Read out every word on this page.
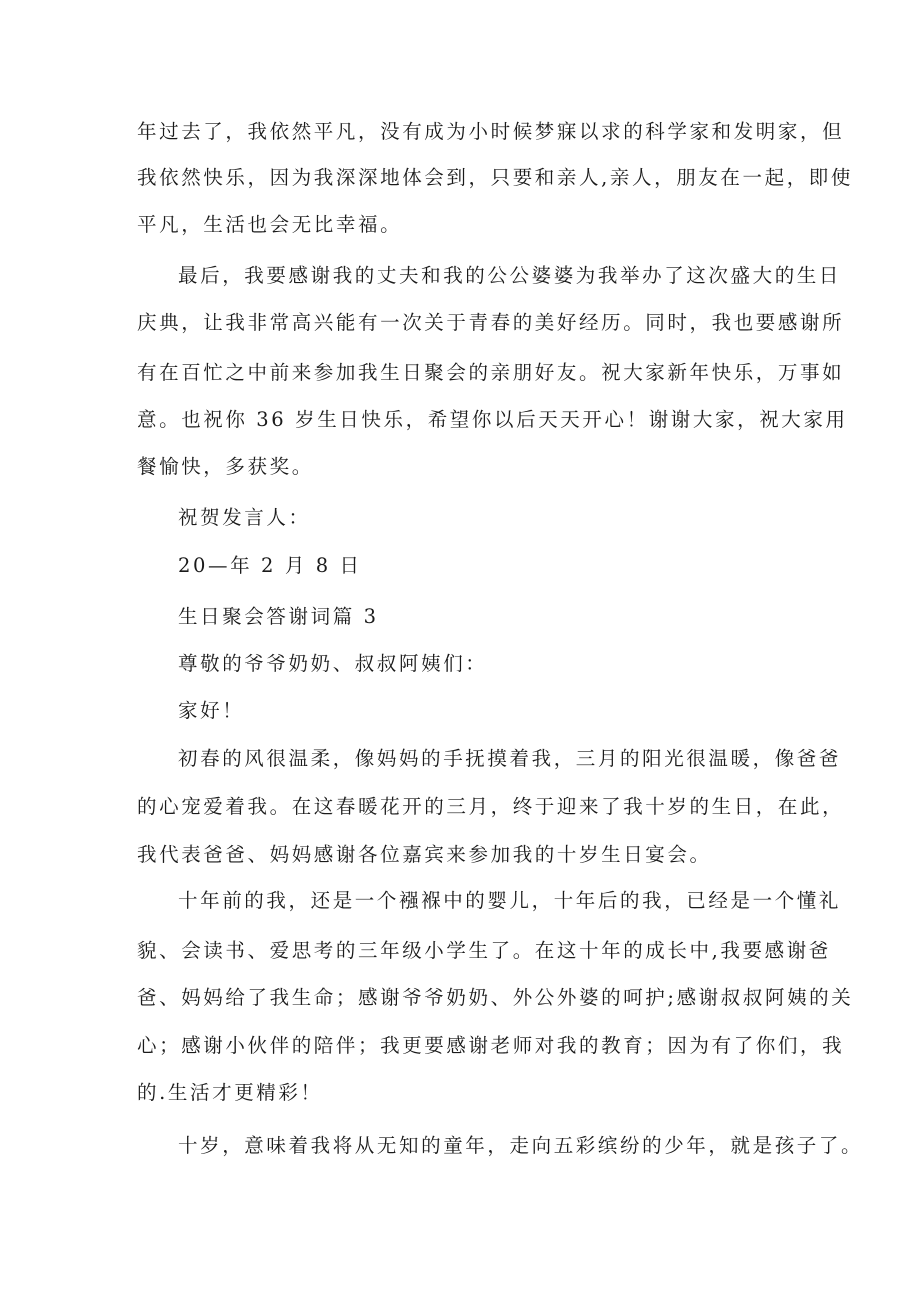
年过去了，我依然平凡，没有成为小时候梦寐以求的科学家和发明家，但
我依然快乐，因为我深深地体会到，只要和亲人,亲人，朋友在一起，即使
平凡，生活也会无比幸福。
最后，我要感谢我的丈夫和我的公公婆婆为我举办了这次盛大的生日
庆典，让我非常高兴能有一次关于青春的美好经历。同时，我也要感谢所
有在百忙之中前来参加我生日聚会的亲朋好友。祝大家新年快乐，万事如
意。也祝你 36 岁生日快乐，希望你以后天天开心！谢谢大家，祝大家用
餐愉快，多获奖。
祝贺发言人：
20—年 2 月 8 日
生日聚会答谢词篇 3
尊敬的爷爷奶奶、叔叔阿姨们：
家好！
初春的风很温柔，像妈妈的手抚摸着我，三月的阳光很温暖，像爸爸
的心宠爱着我。在这春暖花开的三月，终于迎来了我十岁的生日，在此，
我代表爸爸、妈妈感谢各位嘉宾来参加我的十岁生日宴会。
十年前的我，还是一个襁褓中的婴儿，十年后的我，已经是一个懂礼
貌、会读书、爱思考的三年级小学生了。在这十年的成长中,我要感谢爸
爸、妈妈给了我生命；感谢爷爷奶奶、外公外婆的呵护;感谢叔叔阿姨的关
心；感谢小伙伴的陪伴；我更要感谢老师对我的教育；因为有了你们，我
的.生活才更精彩！
十岁，意味着我将从无知的童年，走向五彩缤纷的少年，就是孩子了。
